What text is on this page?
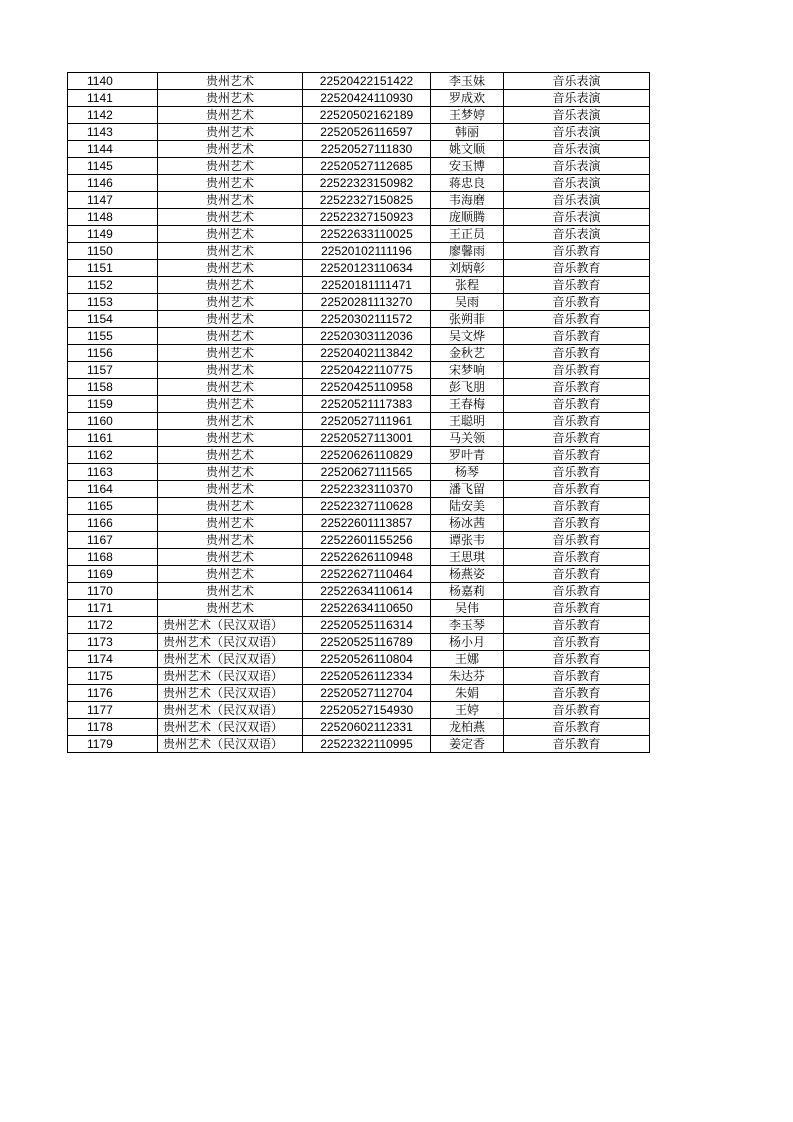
1140	贵州艺术	22520422151422	李玉妹	音乐表演
1141	贵州艺术	22520424110930	罗成欢	音乐表演
1142	贵州艺术	22520502162189	王梦婷	音乐表演
1143	贵州艺术	22520526116597	韩丽	音乐表演
1144	贵州艺术	22520527111830	姚文顺	音乐表演
1145	贵州艺术	22520527112685	安玉博	音乐表演
1146	贵州艺术	22522323150982	蒋忠良	音乐表演
1147	贵州艺术	22522327150825	韦海磨	音乐表演
1148	贵州艺术	22522327150923	庞顺腾	音乐表演
1149	贵州艺术	22522633110025	王正员	音乐表演
1150	贵州艺术	22520102111196	廖馨雨	音乐教育
1151	贵州艺术	22520123110634	刘炳彰	音乐教育
1152	贵州艺术	22520181111471	张程	音乐教育
1153	贵州艺术	22520281113270	吴雨	音乐教育
1154	贵州艺术	22520302111572	张朔菲	音乐教育
1155	贵州艺术	22520303112036	吴文烨	音乐教育
1156	贵州艺术	22520402113842	金秋艺	音乐教育
1157	贵州艺术	22520422110775	宋梦响	音乐教育
1158	贵州艺术	22520425110958	彭飞朋	音乐教育
1159	贵州艺术	22520521117383	王春梅	音乐教育
1160	贵州艺术	22520527111961	王聪明	音乐教育
1161	贵州艺术	22520527113001	马关领	音乐教育
1162	贵州艺术	22520626110829	罗叶青	音乐教育
1163	贵州艺术	22520627111565	杨琴	音乐教育
1164	贵州艺术	22522323110370	潘飞留	音乐教育
1165	贵州艺术	22522327110628	陆安美	音乐教育
1166	贵州艺术	22522601113857	杨冰茜	音乐教育
1167	贵州艺术	22522601155256	谭张韦	音乐教育
1168	贵州艺术	22522626110948	王思琪	音乐教育
1169	贵州艺术	22522627110464	杨燕姿	音乐教育
1170	贵州艺术	22522634110614	杨嘉莉	音乐教育
1171	贵州艺术	22522634110650	吴伟	音乐教育
1172	贵州艺术（民汉双语）	22520525116314	李玉琴	音乐教育
1173	贵州艺术（民汉双语）	22520525116789	杨小月	音乐教育
1174	贵州艺术（民汉双语）	22520526110804	王娜	音乐教育
1175	贵州艺术（民汉双语）	22520526112334	朱达芬	音乐教育
1176	贵州艺术（民汉双语）	22520527112704	朱娟	音乐教育
1177	贵州艺术（民汉双语）	22520527154930	王婷	音乐教育
1178	贵州艺术（民汉双语）	22520602112331	龙柏燕	音乐教育
1179	贵州艺术（民汉双语）	22522322110995	姜定香	音乐教育
